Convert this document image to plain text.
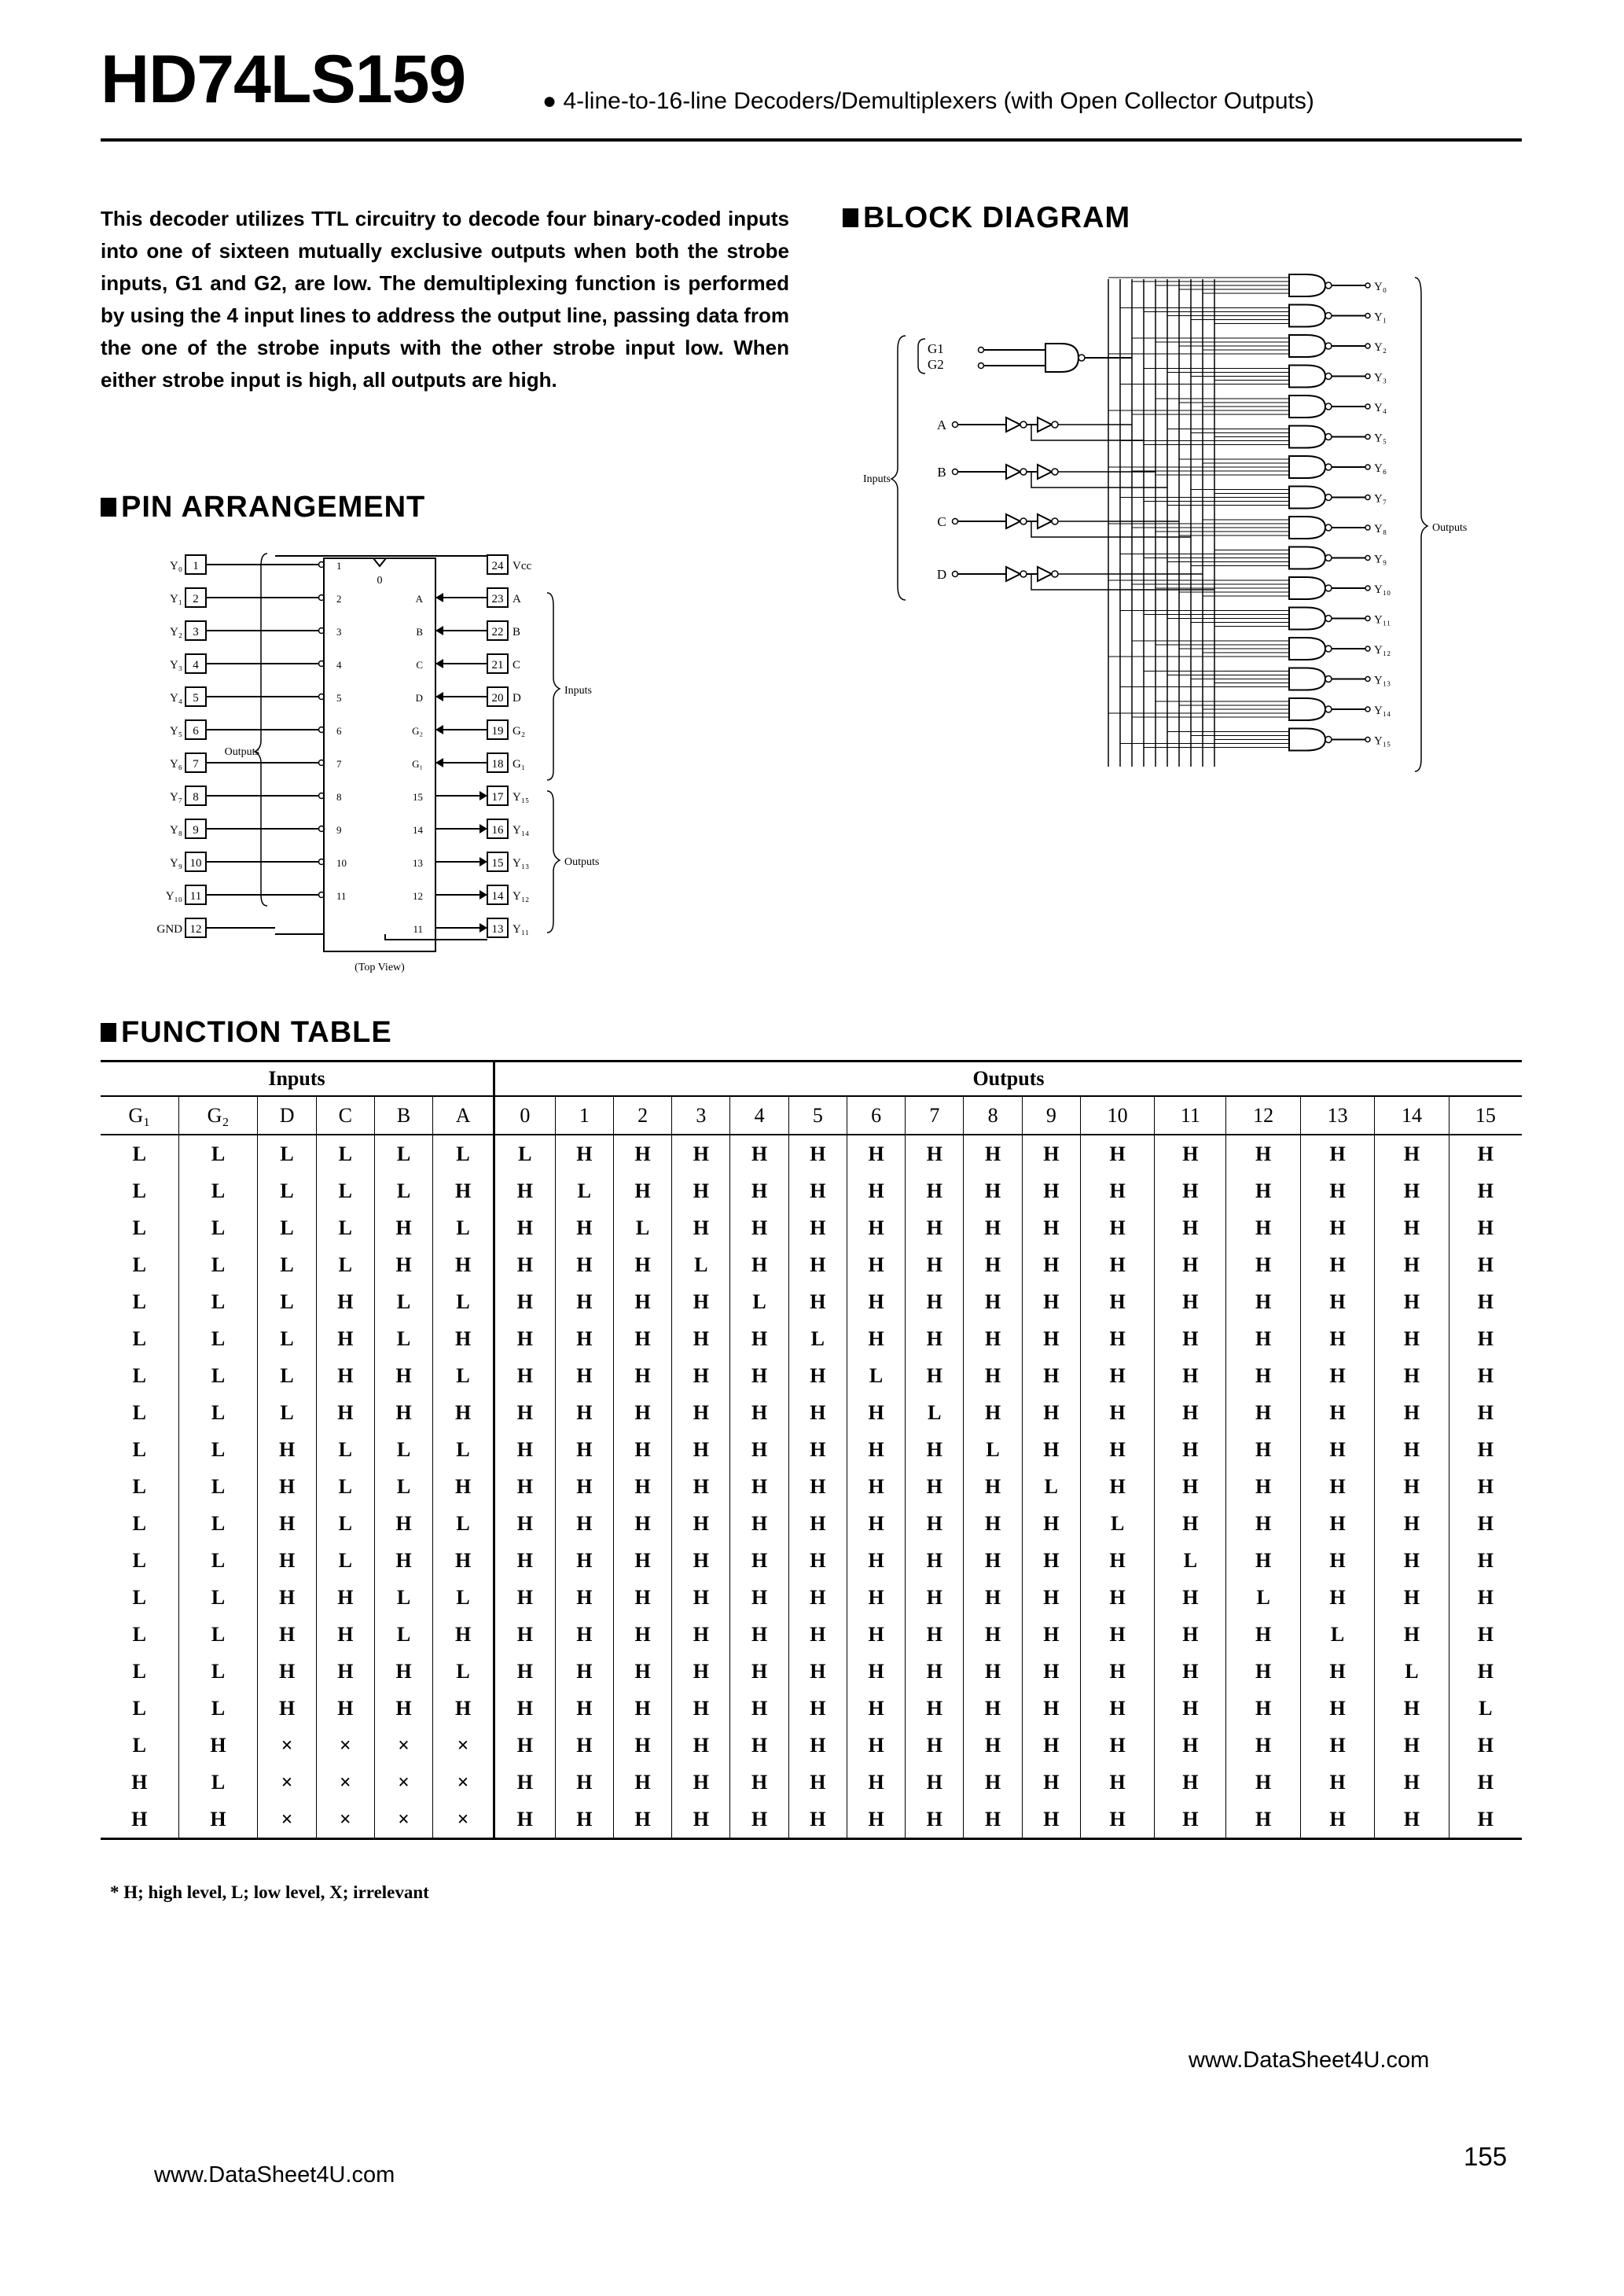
HD74LS159	● 4-line-to-16-line Decoders/Demultiplexers (with Open Collector Outputs)
This decoder utilizes TTL circuitry to decode four binary-coded inputs into one of sixteen mutually exclusive outputs when both the strobe inputs, G1 and G2, are low. The demultiplexing function is performed by using the 4 input lines to address the output line, passing data from the one of the strobe inputs with the other strobe input low. When either strobe input is high, all outputs are high.
BLOCK DIAGRAM
PIN ARRANGEMENT
FUNCTION TABLE
Y₀ 1	1
Y₁ 2	2
Y₂ 3	3
Y₃ 4	4
Y₄ 5	5
Y₅ 6	6
Y₆ 7	7
Y₇ 8	8
Y₈ 9	9
Y₉ 10	10
Y₁₀ 11	11
GND 12
24 Vcc
23 A
A
22 B
B
21 C
C
20 D
D
19 G₂
G₂
18 G₁
G₁
17 Y₁₅
15
16 Y₁₄
14
15 Y₁₃
13
14 Y₁₂
12
13 Y₁₁
11
0
Outputs
Inputs
Outputs
(Top View)
Y₀
Y₁
Y₂
Y₃
Y₄
Y₅
Y₆
Y₇
Y₈
Y₉
Y₁₀
Y₁₁
Y₁₂
Y₁₃
Y₁₄
Y₁₅
A
B
C
D
G1
G2
Inputs
Outputs
Inputs						Outputs															
G₁	G₂	D	C	B	A	0	1	2	3	4	5	6	7	8	9	10	11	12	13	14	15
L	L	L	L	L	L	L	H	H	H	H	H	H	H	H	H	H	H	H	H	H	H
L	L	L	L	L	H	H	L	H	H	H	H	H	H	H	H	H	H	H	H	H	H
L	L	L	L	H	L	H	H	L	H	H	H	H	H	H	H	H	H	H	H	H	H
L	L	L	L	H	H	H	H	H	L	H	H	H	H	H	H	H	H	H	H	H	H
L	L	L	H	L	L	H	H	H	H	L	H	H	H	H	H	H	H	H	H	H	H
L	L	L	H	L	H	H	H	H	H	H	L	H	H	H	H	H	H	H	H	H	H
L	L	L	H	H	L	H	H	H	H	H	H	L	H	H	H	H	H	H	H	H	H
L	L	L	H	H	H	H	H	H	H	H	H	H	L	H	H	H	H	H	H	H	H
L	L	H	L	L	L	H	H	H	H	H	H	H	H	L	H	H	H	H	H	H	H
L	L	H	L	L	H	H	H	H	H	H	H	H	H	H	L	H	H	H	H	H	H
L	L	H	L	H	L	H	H	H	H	H	H	H	H	H	H	L	H	H	H	H	H
L	L	H	L	H	H	H	H	H	H	H	H	H	H	H	H	H	L	H	H	H	H
L	L	H	H	L	L	H	H	H	H	H	H	H	H	H	H	H	H	L	H	H	H
L	L	H	H	L	H	H	H	H	H	H	H	H	H	H	H	H	H	H	L	H	H
L	L	H	H	H	L	H	H	H	H	H	H	H	H	H	H	H	H	H	H	L	H
L	L	H	H	H	H	H	H	H	H	H	H	H	H	H	H	H	H	H	H	H	L
L	H	×	×	×	×	H	H	H	H	H	H	H	H	H	H	H	H	H	H	H	H
H	L	×	×	×	×	H	H	H	H	H	H	H	H	H	H	H	H	H	H	H	H
H	H	×	×	×	×	H	H	H	H	H	H	H	H	H	H	H	H	H	H	H	H
* H; high level, L; low level, X; irrelevant
www.DataSheet4U.com
155
www.DataSheet4U.com
